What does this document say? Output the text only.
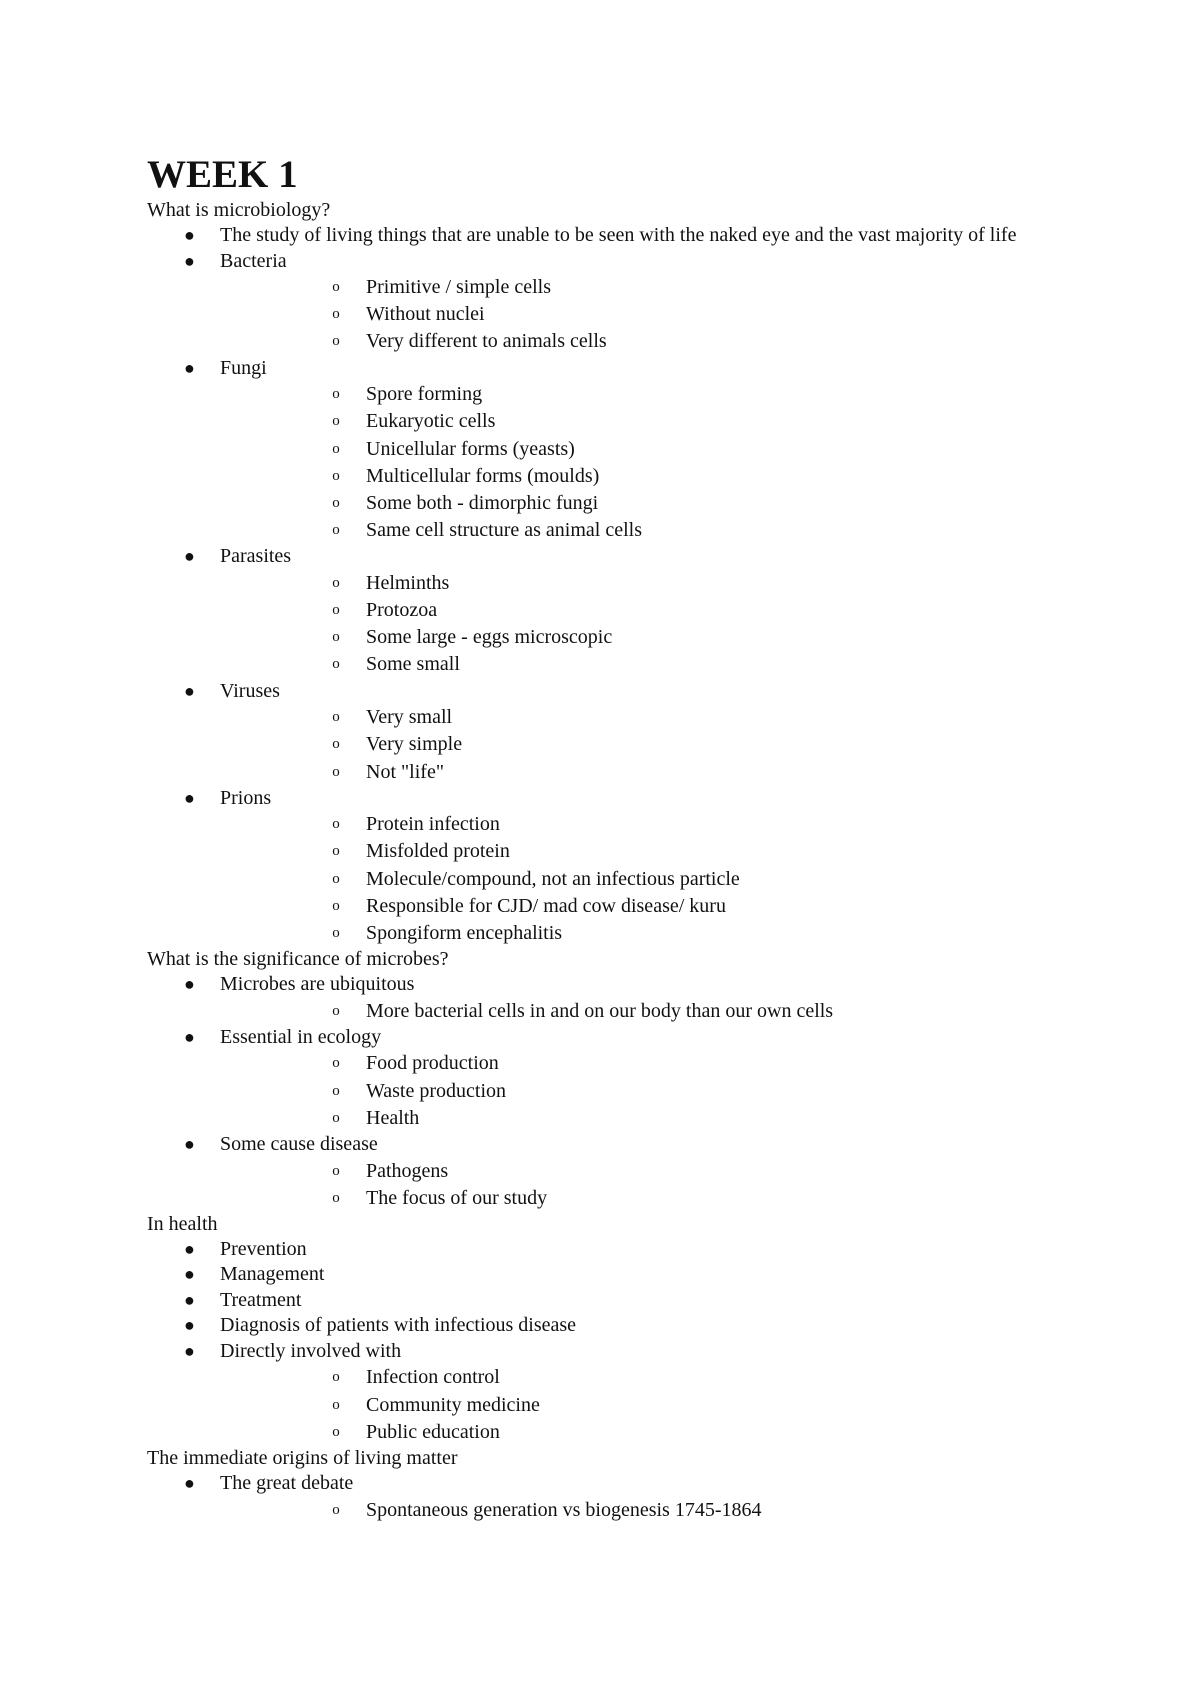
WEEK 1
What is microbiology?
● The study of living things that are unable to be seen with the naked eye and the vast majority of life
● Bacteria
o Primitive / simple cells
o Without nuclei
o Very different to animals cells
● Fungi
o Spore forming
o Eukaryotic cells
o Unicellular forms (yeasts)
o Multicellular forms (moulds)
o Some both - dimorphic fungi
o Same cell structure as animal cells
● Parasites
o Helminths
o Protozoa
o Some large - eggs microscopic
o Some small
● Viruses
o Very small
o Very simple
o Not "life"
● Prions
o Protein infection
o Misfolded protein
o Molecule/compound, not an infectious particle
o Responsible for CJD/ mad cow disease/ kuru
o Spongiform encephalitis
What is the significance of microbes?
● Microbes are ubiquitous
o More bacterial cells in and on our body than our own cells
● Essential in ecology
o Food production
o Waste production
o Health
● Some cause disease
o Pathogens
o The focus of our study
In health
● Prevention
● Management
● Treatment
● Diagnosis of patients with infectious disease
● Directly involved with
o Infection control
o Community medicine
o Public education
The immediate origins of living matter
● The great debate
o Spontaneous generation vs biogenesis 1745-1864
